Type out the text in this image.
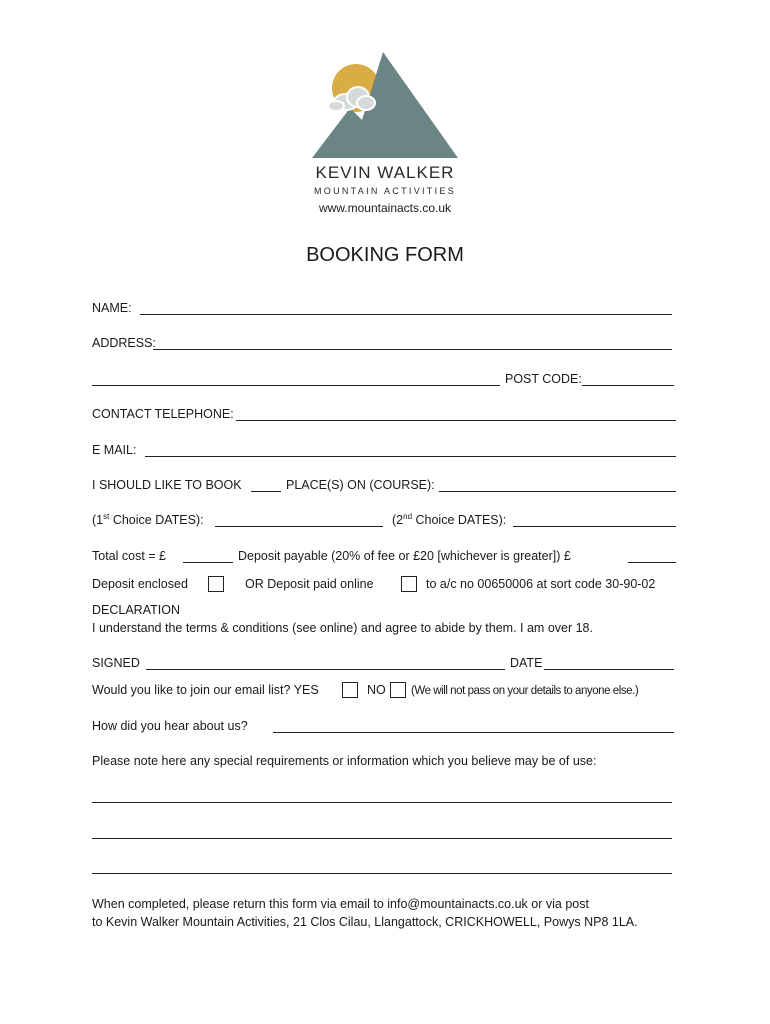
KEVIN WALKER
MOUNTAIN ACTIVITIES
www.mountainacts.co.uk
BOOKING FORM
NAME:
ADDRESS:
POST CODE:
CONTACT TELEPHONE:
E MAIL:
I SHOULD LIKE TO BOOK	PLACE(S) ON (COURSE):
(1st Choice DATES):	(2nd Choice DATES):
Total cost = £	Deposit payable (20% of fee or £20 [whichever is greater]) £
Deposit enclosed	OR Deposit paid online	to a/c no 00650006 at sort code 30-90-02
DECLARATION
I understand the terms & conditions (see online) and agree to abide by them. I am over 18.
SIGNED	DATE
Would you like to join our email list? YES	NO (We will not pass on your details to anyone else.)
How did you hear about us?
Please note here any special requirements or information which you believe may be of use:
When completed, please return this form via email to info@mountainacts.co.uk or via post
to Kevin Walker Mountain Activities, 21 Clos Cilau, Llangattock, CRICKHOWELL, Powys NP8 1LA.
